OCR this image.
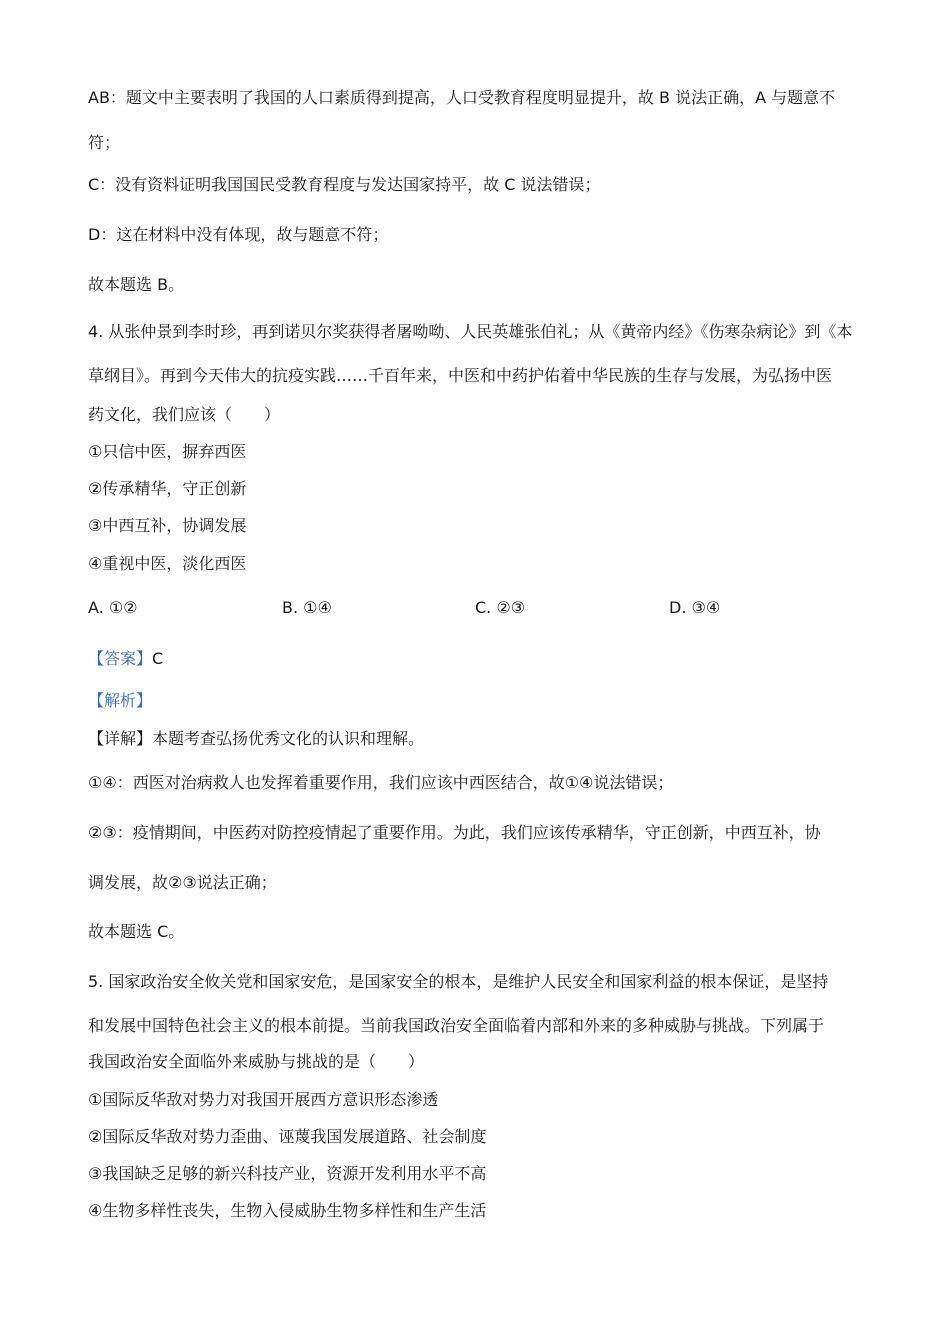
AB：题文中主要表明了我国的人口素质得到提高，人口受教育程度明显提升，故 B 说法正确，A 与题意不
符；
C：没有资料证明我国国民受教育程度与发达国家持平，故 C 说法错误；
D：这在材料中没有体现，故与题意不符；
故本题选 B。
4. 从张仲景到李时珍，再到诺贝尔奖获得者屠呦呦、人民英雄张伯礼；从《黄帝内经》《伤寒杂病论》到《本
草纲目》。再到今天伟大的抗疫实践……千百年来，中医和中药护佑着中华民族的生存与发展，为弘扬中医
药文化，我们应该（　　）
①只信中医，摒弃西医
②传承精华，守正创新
③中西互补，协调发展
④重视中医，淡化西医
A. ①②	B. ①④	C. ②③	D. ③④
【答案】C
【解析】
【详解】本题考查弘扬优秀文化的认识和理解。
①④：西医对治病救人也发挥着重要作用，我们应该中西医结合，故①④说法错误；
②③：疫情期间，中医药对防控疫情起了重要作用。为此，我们应该传承精华，守正创新，中西互补，协
调发展，故②③说法正确；
故本题选 C。
5. 国家政治安全攸关党和国家安危，是国家安全的根本，是维护人民安全和国家利益的根本保证，是坚持
和发展中国特色社会主义的根本前提。当前我国政治安全面临着内部和外来的多种威胁与挑战。下列属于
我国政治安全面临外来威胁与挑战的是（　　）
①国际反华敌对势力对我国开展西方意识形态渗透
②国际反华敌对势力歪曲、诬蔑我国发展道路、社会制度
③我国缺乏足够的新兴科技产业，资源开发利用水平不高
④生物多样性丧失，生物入侵威胁生物多样性和生产生活
